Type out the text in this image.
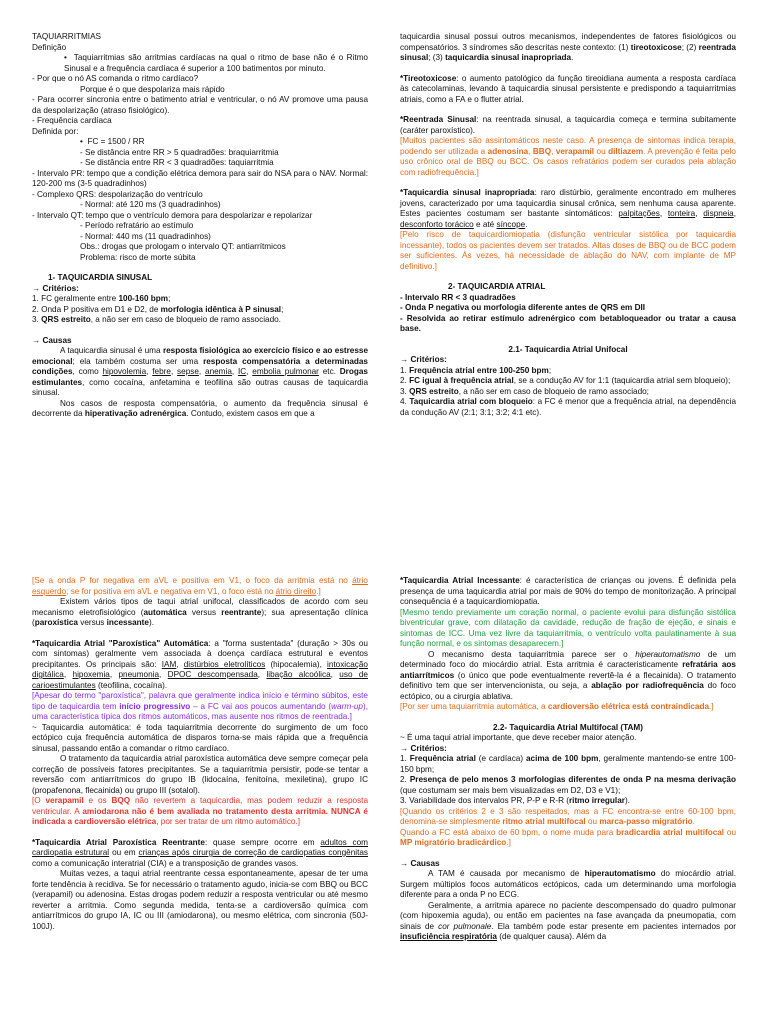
TAQUIARRITMIAS

Definição

• Taquiarritmias são arritmias cardíacas na qual o ritmo de base não é o Ritmo Sinusal e a frequência cardíaca é superior a 100 batimentos por minuto.

- Por que o nó AS comanda o ritmo cardíaco?

Porque é o que despolariza mais rápido

- Para ocorrer sincronia entre o batimento atrial e ventricular, o nó AV promove uma pausa da despolarização (atraso fisiológico).

- Frequência cardíaca

Definida por:

• FC = 1500 / RR

- Se distância entre RR > 5 quadradões: braquiarritmia

- Se distância entre RR < 3 quadradões: taquiarritmia

- Intervalo PR: tempo que a condição elétrica demora para sair do NSA para o NAV. Normal: 120-200 ms (3-5 quadradinhos)

- Complexo QRS: despolarização do ventrículo

- Normal: até 120 ms (3 quadradinhos)

- Intervalo QT: tempo que o ventrículo demora para despolarizar e repolarizar

- Período refratário ao estímulo

- Normal: 440 ms (11 quadradinhos)

Obs.: drogas que prologam o intervalo QT: antiarrítmicos

Problema: risco de morte súbita

1- TAQUICARDIA SINUSAL

→ Critérios:

1. FC geralmente entre 100-160 bpm;

2. Onda P positiva em D1 e D2, de morfologia idêntica à P sinusal;

3. QRS estreito, a não ser em caso de bloqueio de ramo associado.

→ Causas

A taquicardia sinusal é uma resposta fisiológica ao exercício físico e ao estresse emocional; ela também costuma ser uma resposta compensatória a determinadas condições, como hipovolemia, febre, sepse, anemia, IC, embolia pulmonar etc. Drogas estimulantes, como cocaína, anfetamina e teofilina são outras causas de taquicardia sinusal.

Nos casos de resposta compensatória, o aumento da frequência sinusal é decorrente da hiperativação adrenérgica. Contudo, existem casos em que a

taquicardia sinusal possui outros mecanismos, independentes de fatores fisiológicos ou compensatórios. 3 síndromes são descritas neste contexto: (1) tireotoxicose; (2) reentrada sinusal; (3) taquicardia sinusal inapropriada.

*Tireotoxicose: o aumento patológico da função tireoidiana aumenta a resposta cardíaca às catecolaminas, levando à taquicardia sinusal persistente e predispondo a taquiarritmias atriais, como a FA e o flutter atrial.

*Reentrada Sinusal: na reentrada sinusal, a taquicardia começa e termina subitamente (caráter paroxístico).

[Muitos pacientes são assintomáticos neste caso. A presença de sintomas indica terapia, podendo ser utilizada a adenosina, BBQ, verapamil ou diltiazem. A prevenção é feita pelo uso crônico oral de BBQ ou BCC. Os casos refratários podem ser curados pela ablação com radiofrequência.]

*Taquicardia sinusal inapropriada: raro distúrbio, geralmente encontrado em mulheres jovens, caracterizado por uma taquicardia sinusal crônica, sem nenhuma causa aparente. Estes pacientes costumam ser bastante sintomáticos: palpitações, tonteira, dispneia, desconforto torácico e até síncope.

[Pelo risco de taquicardiomiopatia (disfunção ventricular sistólica por taquicardia incessante), todos os pacientes devem ser tratados. Altas doses de BBQ ou de BCC podem ser suficientes. Às vezes, há necessidade de ablação do NAV, com implante de MP definitivo.]

2- TAQUICARDIA ATRIAL

- Intervalo RR < 3 quadradões

- Onda P negativa ou morfologia diferente antes de QRS em DII

- Resolvida ao retirar estímulo adrenérgico com betabloqueador ou tratar a causa base.

2.1- Taquicardia Atrial Unifocal

→ Critérios:

1. Frequência atrial entre 100-250 bpm;

2. FC igual à frequência atrial, se a condução AV for 1:1 (taquicardia atrial sem bloqueio);

3. QRS estreito, a não ser em caso de bloqueio de ramo associado;

4. Taquicardia atrial com bloqueio: a FC é menor que a frequência atrial, na dependência da condução AV (2:1; 3:1; 3:2; 4:1 etc).

[Se a onda P for negativa em aVL e positiva em V1, o foco da arritmia está no átrio esquerdo; se for positiva em aVL e negativa em V1, o foco está no átrio direito.]

Existem vários tipos de taqui atrial unifocal, classificados de acordo com seu mecanismo eletrofisiológico (automática versus reentrante); sua apresentação clínica (paroxística versus incessante).

*Taquicardia Atrial "Paroxística" Automática: a "forma sustentada" (duração > 30s ou com sintomas) geralmente vem associada à doença cardíaca estrutural e eventos precipitantes. Os principais são: IAM, distúrbios eletrolíticos (hipocalemia), intoxicação digitálica, hipoxemia, pneumonia, DPOC descompensada, libação alcoólica, uso de carioestimulantes (teofilina, cocaína).

[Apesar do termo "paroxística", palavra que geralmente indica início e término súbitos, este tipo de taquicardia tem início progressivo – a FC vai aos poucos aumentando (warm-up), uma característica típica dos ritmos automáticos, mas ausente nos ritmos de reentrada.]

~ Taquicardia automática: é toda taquiarritmia decorrente do surgimento de um foco ectópico cuja frequência automática de disparos torna-se mais rápida que a frequência sinusal, passando então a comandar o ritmo cardíaco.

O tratamento da taquicardia atrial paroxística automática deve sempre começar pela correção de possíveis fatores precipitantes. Se a taquiarritmia persistir, pode-se tentar a reversão com antiarrítmicos do grupo IB (lidocaína, fenitoína, mexiletina), grupo IC (propafenona, flecainida) ou grupo III (sotalol).

[O verapamil e os BQQ não revertem a taquicardia, mas podem reduzir a resposta ventricular. A amiodarona não é bem avaliada no tratamento desta arritmia. NUNCA é indicada a cardioversão elétrica, por ser tratar de um ritmo automático.]

*Taquicardia Atrial Paroxística Reentrante: quase sempre ocorre em adultos com cardiopatia estrutural ou em crianças após cirurgia de correção de cardiopatias congênitas como a comunicação interatrial (CIA) e a transposição de grandes vasos.

Muitas vezes, a taqui atrial reentrante cessa espontaneamente, apesar de ter uma forte tendência à recidiva. Se for necessário o tratamento agudo, inicia-se com BBQ ou BCC (verapamil) ou adenosina. Estas drogas podem reduzir a resposta ventricular ou até mesmo reverter a arritmia. Como segunda medida, tenta-se a cardioversão química com antiarrítmicos do grupo IA, IC ou III (amiodarona), ou mesmo elétrica, com sincronia (50J-100J).

*Taquicardia Atrial Incessante: é característica de crianças ou jovens. É definida pela presença de uma taquicardia atrial por mais de 90% do tempo de monitorização. A principal consequência é a taquicardiomiopatia.

[Mesmo tendo previamente um coração normal, o paciente evolui para disfunção sistólica biventricular grave, com dilatação da cavidade, redução de fração de ejeção, e sinais e sintomas de ICC. Uma vez livre da taquiarritmia, o ventrículo volta paulatinamente à sua função normal, e os sintomas desaparecem.]

O mecanismo desta taquiarritmia parece ser o hiperautomatismo de um determinado foco do miocárdio atrial. Esta arritmia é caracteristicamente refratária aos antiarrítmicos (o único que pode eventualmente revertê-la é a flecainida). O tratamento definitivo tem que ser intervencionista, ou seja, a ablação por radiofrequência do foco ectópico, ou a cirurgia ablativa.

[Por ser uma taquiarritmia automática, a cardioversão elétrica está contraindicada.]

2.2- Taquicardia Atrial Multifocal (TAM)

~ É uma taqui atrial importante, que deve receber maior atenção.

→ Critérios:

1. Frequência atrial (e cardíaca) acima de 100 bpm, geralmente mantendo-se entre 100-150 bpm;

2. Presença de pelo menos 3 morfologias diferentes de onda P na mesma derivação (que costumam ser mais bem visualizadas em D2, D3 e V1);

3. Variabilidade dos intervalos PR, P-P e R-R (ritmo irregular).

[Quando os critérios 2 e 3 são respeitados, mas a FC encontra-se entre 60-100 bpm, denomina-se simplesmente ritmo atrial multifocal ou marca-passo migratório.

Quando a FC está abaixo de 60 bpm, o nome muda para bradicardia atrial multifocal ou MP migratório bradicárdico.]

→ Causas

A TAM é causada por mecanismo de hiperautomatismo do miocárdio atrial. Surgem múltiplos focos automáticos ectópicos, cada um determinando uma morfologia diferente para a onda P no ECG.

Geralmente, a arritmia aparece no paciente descompensado do quadro pulmonar (com hipoxemia aguda), ou então em pacientes na fase avançada da pneumopatia, com sinais de cor pulmonale. Ela também pode estar presente em pacientes internados por insuficiência respiratória (de qualquer causa). Além da
